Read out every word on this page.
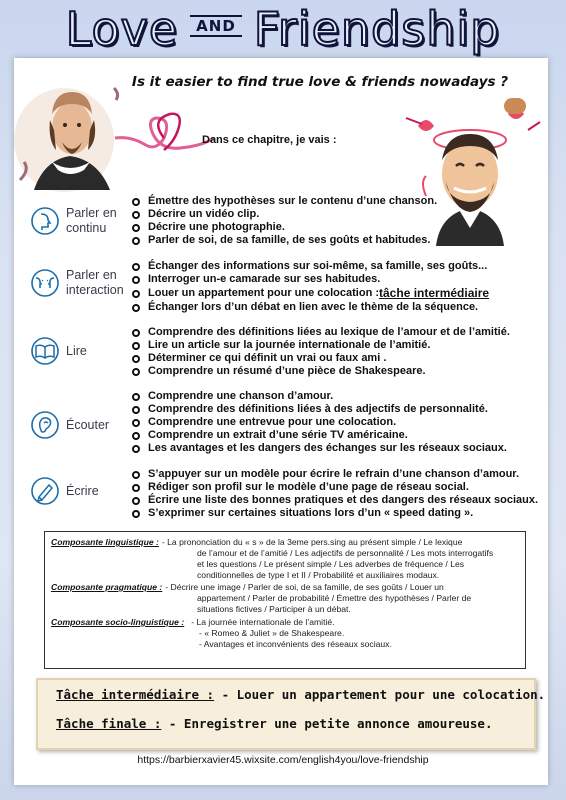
Love AND Friendship
Dans ce chapitre, je vais :
Is it easier to find true love & friends nowadays ?
Parler en
continu
Émettre des hypothèses sur le contenu d’une chanson.
Décrire un vidéo clip.
Décrire une photographie.
Parler de soi, de sa famille, de ses goûts et habitudes.
Parler en
interaction
Échanger des informations sur soi-même, sa famille, ses goûts...
Interroger un-e camarade sur ses habitudes.
Louer un appartement pour une colocation : tâche intermédiaire
Échanger lors d’un débat en lien avec le thème de la séquence.
Lire
Comprendre des définitions liées au lexique de l’amour et de l’amitié.
Lire un article sur la journée internationale de l’amitié.
Déterminer ce qui définit un vrai ou faux ami .
Comprendre un résumé d’une pièce de Shakespeare.
Écouter
Comprendre une chanson d’amour.
Comprendre des définitions liées à des adjectifs de personnalité.
Comprendre une entrevue pour une colocation.
Comprendre un extrait d’une série TV américaine.
Les avantages et les dangers des échanges sur les réseaux sociaux.
Écrire
S’appuyer sur un modèle pour écrire le refrain d’une chanson d’amour.
Rédiger son profil sur le modèle d’une page de réseau social.
Écrire une liste des bonnes pratiques et des dangers des réseaux sociaux.
S’exprimer sur certaines situations lors d’un « speed dating ».
Composante linguistique : - La prononciation du « s » de la 3eme pers.sing au présent simple / Le lexique
de l’amour et de l’amitié / Les adjectifs de personnalité / Les mots interrogatifs
et les questions / Le présent simple / Les adverbes de fréquence / Les
conditionnelles de type I et II / Probabilité et auxiliaires modaux.
Composante pragmatique : - Décrire une image / Parler de soi, de sa famille, de ses goûts / Louer un
appartement / Parler de probabilité / Émettre des hypothèses / Parler de
situations fictives / Participer à un débat.
Composante socio-linguistique : - La journée internationale de l’amitié.
- « Romeo & Juliet » de Shakespeare.
- Avantages et inconvénients des réseaux sociaux.
Tâche intermédiaire : - Louer un appartement pour une colocation.
Tâche finale : - Enregistrer une petite annonce amoureuse.
https://barbierxavier45.wixsite.com/english4you/love-friendship
